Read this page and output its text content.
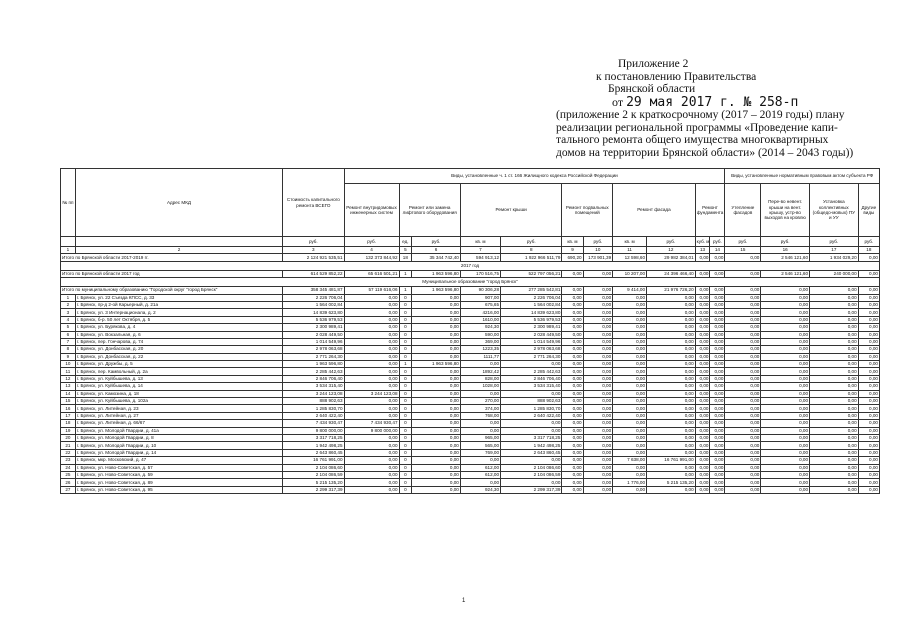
Приложение 2
к постановлению Правительства
Брянской области
от 29 мая 2017 г. № 258-п
(приложение 2 к краткосрочному (2017 – 2019 годы) плану
реализации региональной программы «Проведение капи-
тального ремонта общего имущества многоквартирных
домов на территории Брянской области» (2014 – 2043 годы))
№ пп	Адрес МКД	Стоимость капитального ремонта ВСЕГО	Виды, установленные ч. 1 ст. 166 Жилищного кодекса Российской Федерации											Виды, установленные нормативным правовым актом субъекта РФ			
			Ремонт внутридомовых инженерных систем	Ремонт или замена лифтового оборудования		Ремонт крыши		Ремонт подвальных помещений		Ремонт фасада		Ремонт фундамента		Утепление фасадов	Пере-во невент. крыши на вент. крышу, устр-во выходов на кровлю	Установка коллективных (общедо-мовых) ПУ и УУ	Другие виды
		руб.	руб.	ед.	руб.	кв. м	руб.	кв. м	руб.	кв. м	руб.	куб. м	руб.	руб.	руб.	руб.	руб.
1	2	3	4	5	6	7	8	9	10	11	12	13	14	15	16	17	18
Итого по Брянской области 2017-2019 гг.		2 124 921 535,51	132 373 844,92	18	35 344 742,40	594 913,12	1 922 966 511,79	690,20	173 901,39	12 598,60	29 982 384,01	0,00	0,00	0,00	2 546 121,60	1 934 029,20	0,00
2017 год																	
Итого по Брянской области 2017 год		614 529 852,22	65 616 501,21	1	1 963 596,80	170 516,75	522 797 056,21	0,00	0,00	10 207,00	24 396 466,40	0,00	0,00	0,00	2 546 121,60	240 000,00	0,00
Муниципальное образование "город Брянск"																	
Итого по муниципальному образованию "Городской округ "город Брянск"		358 345 481,87	57 119 616,06	1	1 963 596,80	90 306,28	277 285 542,81	0,00	0,00	9 414,00	21 976 726,20	0,00	0,00	0,00	0,00	0,00	0,00
1	г. Брянск, ул. 22 Съезда КПСС, д. 33	2 226 706,04	0,00	0	0,00	907,00	2 226 706,04	0,00	0,00	0,00	0,00	0,00	0,00	0,00	0,00	0,00	0,00
2	г. Брянск, пр-д 2-ой Карьерный, д. 21а	1 564 002,84	0,00	0	0,00	675,65	1 564 002,84	0,00	0,00	0,00	0,00	0,00	0,00	0,00	0,00	0,00	0,00
3	г. Брянск, ул. 3 Интернационала, д. 2	14 839 623,80	0,00	0	0,00	4216,00	14 839 623,80	0,00	0,00	0,00	0,00	0,00	0,00	0,00	0,00	0,00	0,00
4	г. Брянск, б-р. 50 лет Октября, д. 5	5 536 979,53	0,00	0	0,00	1610,00	5 536 979,53	0,00	0,00	0,00	0,00	0,00	0,00	0,00	0,00	0,00	0,00
5	г. Брянск, ул. Бурякова, д. 4	2 300 989,41	0,00	0	0,00	924,30	2 300 989,41	0,00	0,00	0,00	0,00	0,00	0,00	0,00	0,00	0,00	0,00
6	г. Брянск, ул. Вокзальная, д. 6	2 028 449,50	0,00	0	0,00	590,00	2 028 449,50	0,00	0,00	0,00	0,00	0,00	0,00	0,00	0,00	0,00	0,00
7	г. Брянск, пер. Гончарова, д. 74	1 014 549,96	0,00	0	0,00	369,00	1 014 549,96	0,00	0,00	0,00	0,00	0,00	0,00	0,00	0,00	0,00	0,00
8	г. Брянск, ул. Донбасская, д. 20	2 978 063,68	0,00	0	0,00	1223,35	2 978 063,68	0,00	0,00	0,00	0,00	0,00	0,00	0,00	0,00	0,00	0,00
9	г. Брянск, ул. Донбасская, д. 22	2 771 264,30	0,00	0	0,00	1111,77	2 771 264,30	0,00	0,00	0,00	0,00	0,00	0,00	0,00	0,00	0,00	0,00
10	г. Брянск, ул. Дружбы, д. 5	1 963 596,80	0,00	1	1 963 596,80	0,00	0,00	0,00	0,00	0,00	0,00	0,00	0,00	0,00	0,00	0,00	0,00
11	г. Брянск, пер. Камвольный, д. 2а	2 285 442,63	0,00	0	0,00	1892,42	2 285 442,63	0,00	0,00	0,00	0,00	0,00	0,00	0,00	0,00	0,00	0,00
12	г. Брянск, ул. Куйбышева, д. 13	2 846 706,40	0,00	0	0,00	828,00	2 846 706,40	0,00	0,00	0,00	0,00	0,00	0,00	0,00	0,00	0,00	0,00
13	г. Брянск, ул. Куйбышева, д. 14	3 534 315,40	0,00	0	0,00	1028,00	3 534 315,40	0,00	0,00	0,00	0,00	0,00	0,00	0,00	0,00	0,00	0,00
14	г. Брянск, ул. Камозина, д. 18	3 244 123,08	3 244 123,08	0	0,00	0,00	0,00	0,00	0,00	0,00	0,00	0,00	0,00	0,00	0,00	0,00	0,00
15	г. Брянск, ул. Куйбышева, д. 102а	888 902,63	0,00	0	0,00	270,00	888 902,63	0,00	0,00	0,00	0,00	0,00	0,00	0,00	0,00	0,00	0,00
16	г. Брянск, ул. Литейная, д. 23	1 285 830,70	0,00	0	0,00	374,00	1 285 830,70	0,00	0,00	0,00	0,00	0,00	0,00	0,00	0,00	0,00	0,00
17	г. Брянск, ул. Литейная, д. 27	2 640 422,40	0,00	0	0,00	768,00	2 640 422,40	0,00	0,00	0,00	0,00	0,00	0,00	0,00	0,00	0,00	0,00
18	г. Брянск, ул. Литейная, д. 66/67	7 434 930,47	7 434 930,47	0	0,00	0,00	0,00	0,00	0,00	0,00	0,00	0,00	0,00	0,00	0,00	0,00	0,00
19	г. Брянск, ул. Молодой Гвардии, д. 41а	9 800 000,00	9 800 000,00	0	0,00	0,00	0,00	0,00	0,00	0,00	0,00	0,00	0,00	0,00	0,00	0,00	0,00
20	г. Брянск, ул. Молодой Гвардии, д. 8	3 317 718,25	0,00	0	0,00	965,00	3 317 718,25	0,00	0,00	0,00	0,00	0,00	0,00	0,00	0,00	0,00	0,00
21	г. Брянск, ул. Молодой Гвардии, д. 10	1 942 498,25	0,00	0	0,00	565,00	1 942 498,25	0,00	0,00	0,00	0,00	0,00	0,00	0,00	0,00	0,00	0,00
22	г. Брянск, ул. Молодой Гвардии, д. 14	2 643 860,45	0,00	0	0,00	769,00	2 643 860,45	0,00	0,00	0,00	0,00	0,00	0,00	0,00	0,00	0,00	0,00
23	г. Брянск, мкр. Московский, д. 47	16 761 991,00	0,00	0	0,00	0,00	0,00	0,00	0,00	7 638,00	16 761 991,00	0,00	0,00	0,00	0,00	0,00	0,00
24	г. Брянск, ул. Ново-Советская, д. 57	2 104 086,60	0,00	0	0,00	612,00	2 104 086,60	0,00	0,00	0,00	0,00	0,00	0,00	0,00	0,00	0,00	0,00
25	г. Брянск, ул. Ново-Советская, д. 59	2 104 086,59	0,00	0	0,00	612,00	2 104 086,59	0,00	0,00	0,00	0,00	0,00	0,00	0,00	0,00	0,00	0,00
26	г. Брянск, ул. Ново-Советская, д. 89	5 215 135,20	0,00	0	0,00	0,00	0,00	0,00	0,00	1 776,00	5 215 135,20	0,00	0,00	0,00	0,00	0,00	0,00
27	г. Брянск, ул. Ново-Советская, д. 95	2 299 317,39	0,00	0	0,00	924,30	2 299 317,39	0,00	0,00	0,00	0,00	0,00	0,00	0,00	0,00	0,00	0,00
1
